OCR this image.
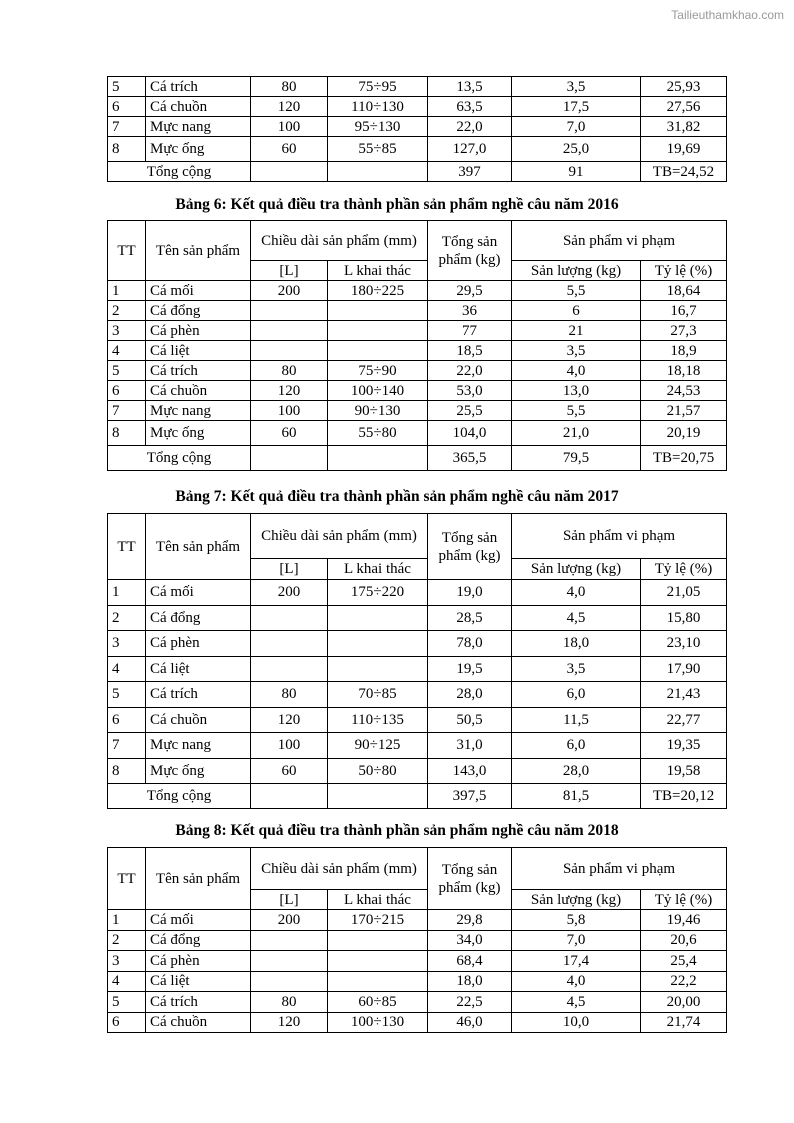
Tailieuthamkhao.com
5	Cá trích	80	75÷95	13,5	3,5	25,93
6	Cá chuồn	120	110÷130	63,5	17,5	27,56
7	Mực nang	100	95÷130	22,0	7,0	31,82
8	Mực ống	60	55÷85	127,0	25,0	19,69
Tổng cộng				397	91	TB=24,52
Bảng 6: Kết quả điều tra thành phần sản phẩm nghề câu năm 2016
TT	Tên sản phẩm	Chiều dài sản phẩm (mm)		Tổng sản phẩm (kg)	Sản phẩm vi phạm	
		[L]	L khai thác		Sản lượng (kg)	Tỷ lệ (%)
1	Cá mối	200	180÷225	29,5	5,5	18,64
2	Cá đổng			36	6	16,7
3	Cá phèn			77	21	27,3
4	Cá liệt			18,5	3,5	18,9
5	Cá trích	80	75÷90	22,0	4,0	18,18
6	Cá chuồn	120	100÷140	53,0	13,0	24,53
7	Mực nang	100	90÷130	25,5	5,5	21,57
8	Mực ống	60	55÷80	104,0	21,0	20,19
Tổng cộng				365,5	79,5	TB=20,75
Bảng 7: Kết quả điều tra thành phần sản phẩm nghề câu năm 2017
TT	Tên sản phẩm	Chiều dài sản phẩm (mm)		Tổng sản phẩm (kg)	Sản phẩm vi phạm	
		[L]	L khai thác		Sản lượng (kg)	Tỷ lệ (%)
1	Cá mối	200	175÷220	19,0	4,0	21,05
2	Cá đổng			28,5	4,5	15,80
3	Cá phèn			78,0	18,0	23,10
4	Cá liệt			19,5	3,5	17,90
5	Cá trích	80	70÷85	28,0	6,0	21,43
6	Cá chuồn	120	110÷135	50,5	11,5	22,77
7	Mực nang	100	90÷125	31,0	6,0	19,35
8	Mực ống	60	50÷80	143,0	28,0	19,58
Tổng cộng				397,5	81,5	TB=20,12
Bảng 8: Kết quả điều tra thành phần sản phẩm nghề câu năm 2018
TT	Tên sản phẩm	Chiều dài sản phẩm (mm)		Tổng sản phẩm (kg)	Sản phẩm vi phạm	
		[L]	L khai thác		Sản lượng (kg)	Tỷ lệ (%)
1	Cá mối	200	170÷215	29,8	5,8	19,46
2	Cá đổng			34,0	7,0	20,6
3	Cá phèn			68,4	17,4	25,4
4	Cá liệt			18,0	4,0	22,2
5	Cá trích	80	60÷85	22,5	4,5	20,00
6	Cá chuồn	120	100÷130	46,0	10,0	21,74
